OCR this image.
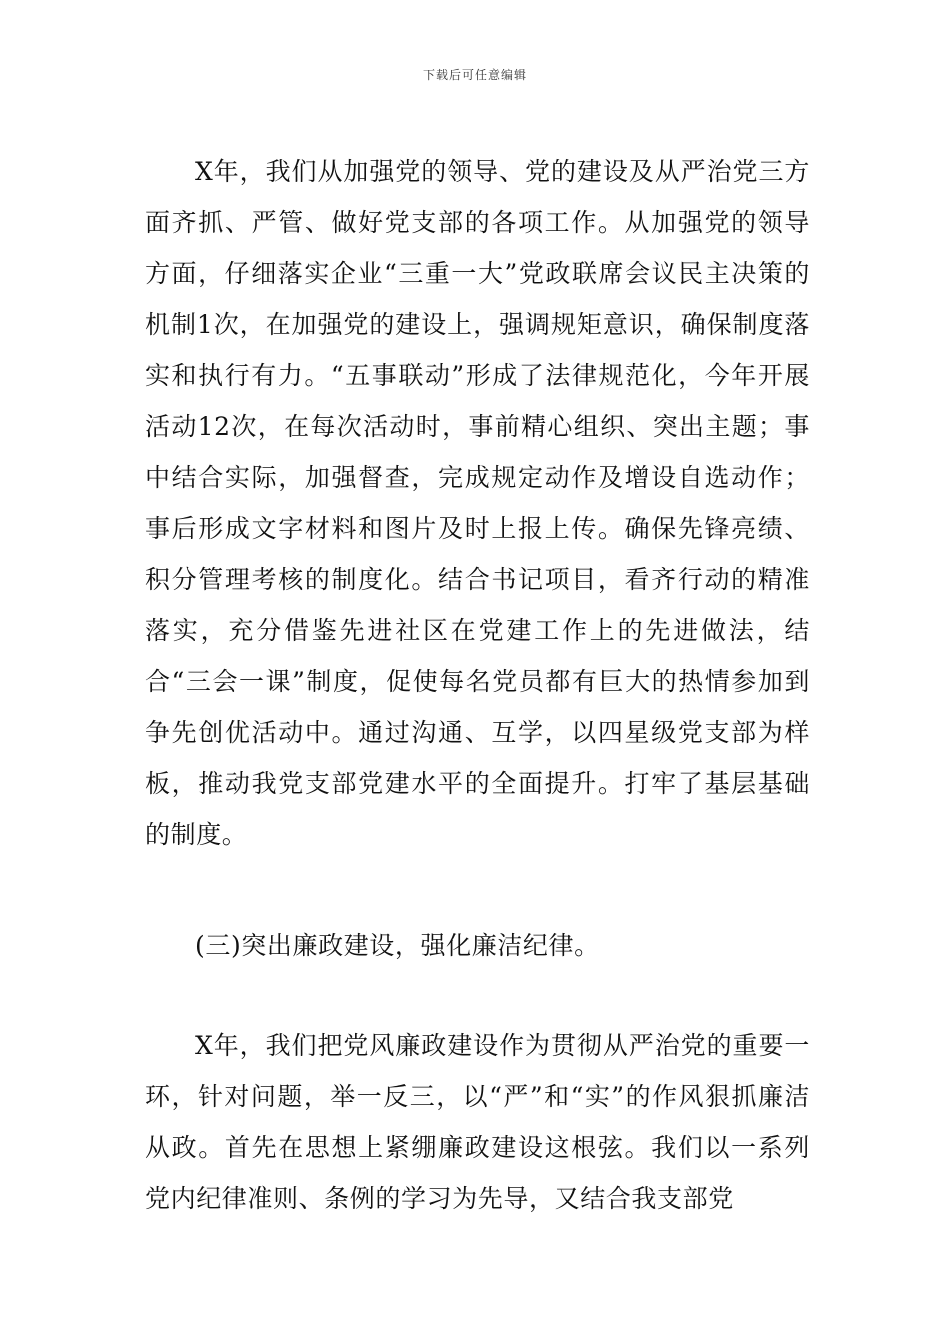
下载后可任意编辑

X年，我们从加强党的领导、党的建设及从严治党三方面齐抓、严管、做好党支部的各项工作。从加强党的领导方面，仔细落实企业“三重一大”党政联席会议民主决策的机制1次，在加强党的建设上，强调规矩意识，确保制度落实和执行有力。“五事联动”形成了法律规范化，今年开展活动12次，在每次活动时，事前精心组织、突出主题；事中结合实际，加强督查，完成规定动作及增设自选动作；事后形成文字材料和图片及时上报上传。确保先锋亮绩、积分管理考核的制度化。结合书记项目，看齐行动的精准落实，充分借鉴先进社区在党建工作上的先进做法，结合“三会一课”制度，促使每名党员都有巨大的热情参加到争先创优活动中。通过沟通、互学，以四星级党支部为样板，推动我党支部党建水平的全面提升。打牢了基层基础的制度。

(三)突出廉政建设，强化廉洁纪律。

X年，我们把党风廉政建设作为贯彻从严治党的重要一环，针对问题，举一反三，以“严”和“实”的作风狠抓廉洁从政。首先在思想上紧绷廉政建设这根弦。我们以一系列党内纪律准则、条例的学习为先导，又结合我支部党
